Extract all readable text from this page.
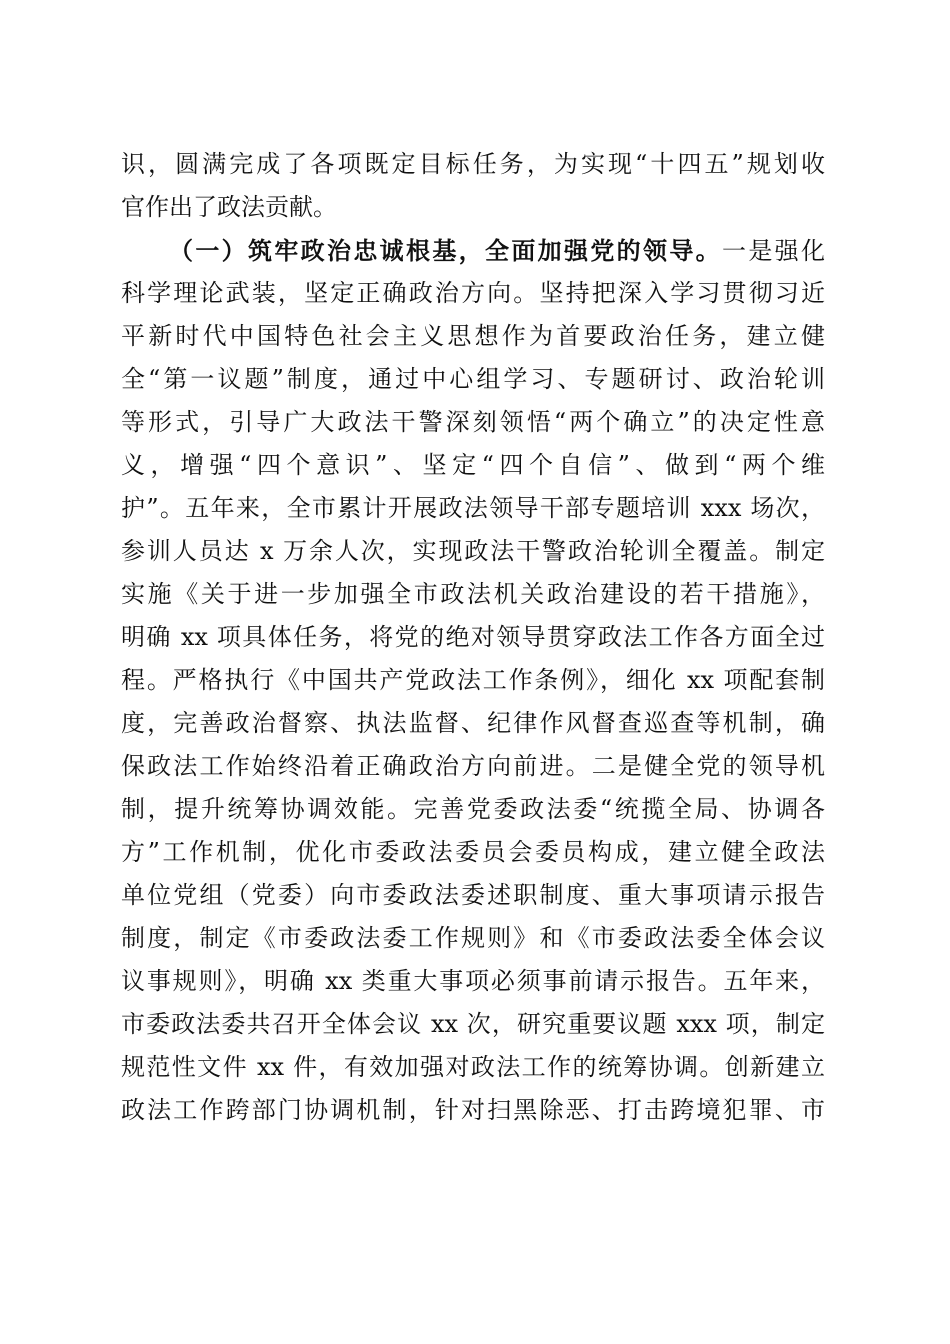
识，圆满完成了各项既定目标任务，为实现“十四五”规划收
官作出了政法贡献。
（一）筑牢政治忠诚根基，全面加强党的领导。一是强化
科学理论武装，坚定正确政治方向。坚持把深入学习贯彻习近
平新时代中国特色社会主义思想作为首要政治任务，建立健
全“第一议题”制度，通过中心组学习、专题研讨、政治轮训
等形式，引导广大政法干警深刻领悟“两个确立”的决定性意
义，增强“四个意识”、坚定“四个自信”、做到“两个维
护”。五年来，全市累计开展政法领导干部专题培训 xxx 场次，
参训人员达 x 万余人次，实现政法干警政治轮训全覆盖。制定
实施《关于进一步加强全市政法机关政治建设的若干措施》，
明确 xx 项具体任务，将党的绝对领导贯穿政法工作各方面全过
程。严格执行《中国共产党政法工作条例》，细化 xx 项配套制
度，完善政治督察、执法监督、纪律作风督查巡查等机制，确
保政法工作始终沿着正确政治方向前进。二是健全党的领导机
制，提升统筹协调效能。完善党委政法委“统揽全局、协调各
方”工作机制，优化市委政法委员会委员构成，建立健全政法
单位党组（党委）向市委政法委述职制度、重大事项请示报告
制度，制定《市委政法委工作规则》和《市委政法委全体会议
议事规则》，明确 xx 类重大事项必须事前请示报告。五年来，
市委政法委共召开全体会议 xx 次，研究重要议题 xxx 项，制定
规范性文件 xx 件，有效加强对政法工作的统筹协调。创新建立
政法工作跨部门协调机制，针对扫黑除恶、打击跨境犯罪、市
